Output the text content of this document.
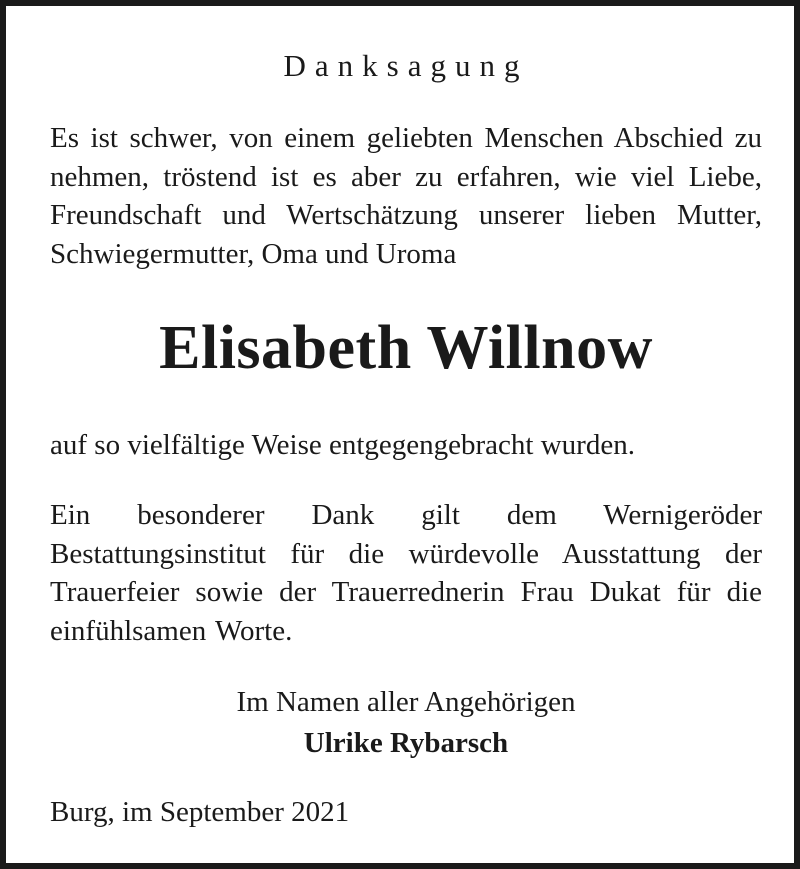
Danksagung
Es ist schwer, von einem geliebten Menschen Abschied zu nehmen, tröstend ist es aber zu erfahren, wie viel Liebe, Freundschaft und Wertschätzung unserer lieben Mutter, Schwiegermutter, Oma und Uroma
Elisabeth Willnow
auf so vielfältige Weise entgegengebracht wurden.
Ein besonderer Dank gilt dem Wernigeröder Bestattungsinstitut für die würdevolle Ausstattung der Trauerfeier sowie der Trauerrednerin Frau Dukat für die einfühlsamen Worte.
Im Namen aller Angehörigen
Ulrike Rybarsch
Burg, im September 2021
